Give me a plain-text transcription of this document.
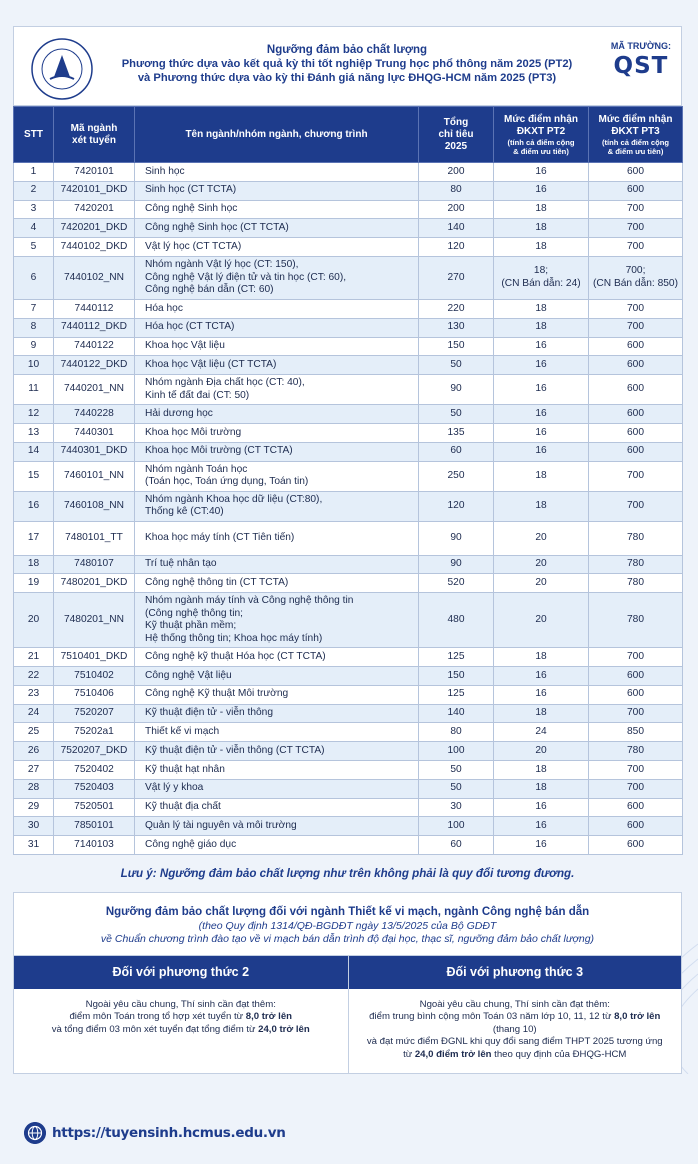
Ngưỡng đảm bảo chất lượng
Phương thức dựa vào kết quả kỳ thi tốt nghiệp Trung học phổ thông năm 2025 (PT2)
và Phương thức dựa vào kỳ thi Đánh giá năng lực ĐHQG-HCM năm 2025 (PT3)
MÃ TRƯỜNG:
QST
STT	Mã ngành
xét tuyển	Tên ngành/nhóm ngành, chương trình	Tổng
chỉ tiêu
2025	Mức điểm nhận
ĐKXT PT2
(tính cả điểm cộng
& điểm ưu tiên)	Mức điểm nhận
ĐKXT PT3
(tính cả điểm cộng
& điểm ưu tiên)

1	7420101	Sinh học	200	16	600
2	7420101_DKD	Sinh học (CT TCTA)	80	16	600
3	7420201	Công nghệ Sinh học	200	18	700
4	7420201_DKD	Công nghệ Sinh học (CT TCTA)	140	18	700
5	7440102_DKD	Vật lý học (CT TCTA)	120	18	700
6	7440102_NN	Nhóm ngành Vật lý học (CT: 150),
Công nghệ Vật lý điện tử và tin học (CT: 60),
Công nghệ bán dẫn (CT: 60)	270	18;
(CN Bán dẫn: 24)	700;
(CN Bán dẫn: 850)
7	7440112	Hóa học	220	18	700
8	7440112_DKD	Hóa học (CT TCTA)	130	18	700
9	7440122	Khoa học Vật liệu	150	16	600
10	7440122_DKD	Khoa học Vật liệu (CT TCTA)	50	16	600
11	7440201_NN	Nhóm ngành Địa chất học (CT: 40),
Kinh tế đất đai (CT: 50)	90	16	600
12	7440228	Hải dương học	50	16	600
13	7440301	Khoa học Môi trường	135	16	600
14	7440301_DKD	Khoa học Môi trường (CT TCTA)	60	16	600
15	7460101_NN	Nhóm ngành Toán học
(Toán học, Toán ứng dụng, Toán tin)	250	18	700
16	7460108_NN	Nhóm ngành Khoa học dữ liệu (CT:80),
Thống kê (CT:40)	120	18	700
17	7480101_TT	Khoa học máy tính (CT Tiên tiến)	90	20	780
18	7480107	Trí tuệ nhân tạo	90	20	780
19	7480201_DKD	Công nghệ thông tin (CT TCTA)	520	20	780
20	7480201_NN	Nhóm ngành máy tính và Công nghệ thông tin
(Công nghệ thông tin;
Kỹ thuật phần mềm;
Hệ thống thông tin; Khoa học máy tính)	480	20	780
21	7510401_DKD	Công nghệ kỹ thuật Hóa học (CT TCTA)	125	18	700
22	7510402	Công nghệ Vật liệu	150	16	600
23	7510406	Công nghệ Kỹ thuật Môi trường	125	16	600
24	7520207	Kỹ thuật điện tử - viễn thông	140	18	700
25	75202a1	Thiết kế vi mạch	80	24	850
26	7520207_DKD	Kỹ thuật điện tử - viễn thông (CT TCTA)	100	20	780
27	7520402	Kỹ thuật hạt nhân	50	18	700
28	7520403	Vật lý y khoa	50	18	700
29	7520501	Kỹ thuật địa chất	30	16	600
30	7850101	Quản lý tài nguyên và môi trường	100	16	600
31	7140103	Công nghệ giáo dục	60	16	600
Lưu ý: Ngưỡng đảm bảo chất lượng như trên không phải là quy đổi tương đương.
Ngưỡng đảm bảo chất lượng đối với ngành Thiết kế vi mạch, ngành Công nghệ bán dẫn
(theo Quy định 1314/QĐ-BGDĐT ngày 13/5/2025 của Bộ GDĐT
về Chuẩn chương trình đào tạo về vi mạch bán dẫn trình độ đại học, thạc sĩ, ngưỡng đảm bảo chất lượng)
Đối với phương thức 2
Ngoài yêu cầu chung, Thí sinh cần đạt thêm:
điểm môn Toán trong tổ hợp xét tuyển từ 8,0 trở lên
và tổng điểm 03 môn xét tuyển đạt tổng điểm từ 24,0 trở lên
Đối với phương thức 3
Ngoài yêu cầu chung, Thí sinh cần đạt thêm:
điểm trung bình cộng môn Toán 03 năm lớp 10, 11, 12 từ 8,0 trở lên (thang 10)
và đạt mức điểm ĐGNL khi quy đổi sang điểm THPT 2025 tương ứng
từ 24,0 điểm trở lên theo quy định của ĐHQG-HCM
https://tuyensinh.hcmus.edu.vn
